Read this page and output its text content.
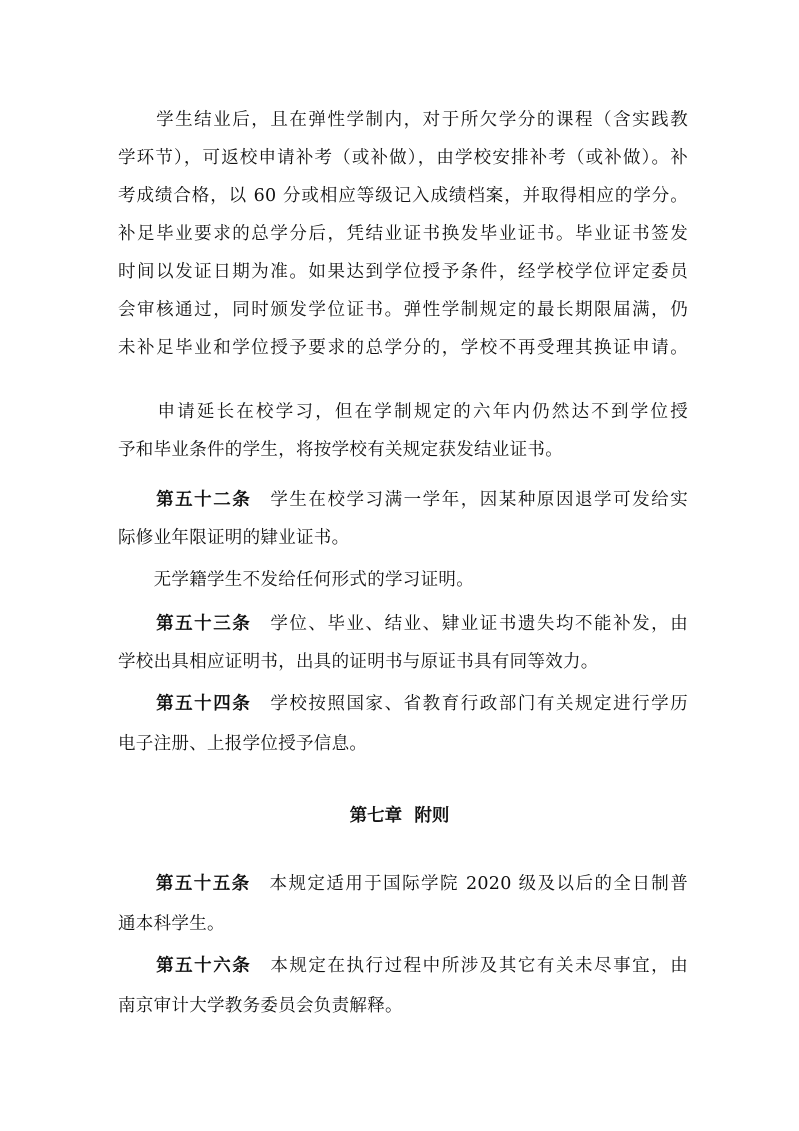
　　学生结业后，且在弹性学制内，对于所欠学分的课程（含实践教
学环节），可返校申请补考（或补做），由学校安排补考（或补做）。补
考成绩合格，以 60 分或相应等级记入成绩档案，并取得相应的学分。
补足毕业要求的总学分后，凭结业证书换发毕业证书。毕业证书签发
时间以发证日期为准。如果达到学位授予条件，经学校学位评定委员
会审核通过，同时颁发学位证书。弹性学制规定的最长期限届满，仍
未补足毕业和学位授予要求的总学分的，学校不再受理其换证申请。
　　申请延长在校学习，但在学制规定的六年内仍然达不到学位授
予和毕业条件的学生，将按学校有关规定获发结业证书。
　　第五十二条　 学生在校学习满一学年，因某种原因退学可发给实
际修业年限证明的肄业证书。
　　无学籍学生不发给任何形式的学习证明。
　　第五十三条　 学位、毕业、结业、肄业证书遗失均不能补发，由
学校出具相应证明书，出具的证明书与原证书具有同等效力。
　　第五十四条　 学校按照国家、省教育行政部门有关规定进行学历
电子注册、上报学位授予信息。
第七章  附则
　　第五十五条　 本规定适用于国际学院 2020 级及以后的全日制普
通本科学生。
　　第五十六条　 本规定在执行过程中所涉及其它有关未尽事宜，由
南京审计大学教务委员会负责解释。
